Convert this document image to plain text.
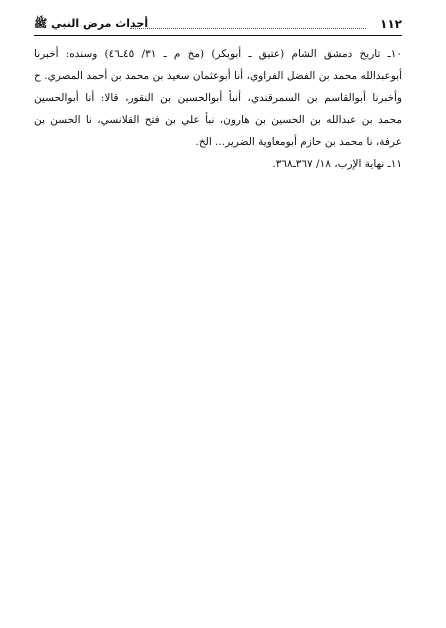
١١٢
أحداث مرض النبي ﷺ
١٠ـ تاريخ دمشق الشام (عتيق ـ أبوبكر) (مخ م ـ ٣١/ ٤٥ـ٤٦) وسنده: أخبرنا
أبوعبدالله محمد بن الفضل الفراوي، أنا أبوعثمان سعيد بن محمد بن أحمد المصري. ح
وأخبرنا أبوالقاسم بن السمرقندي، أنبأ أبوالحسين بن النقور، قالا: أنا أبوالحسين
محمد بن عبدالله بن الحسين بن هارون، نبأ علي بن فتح القلانسي، نا الحسن بن
عرفة، نا محمد بن حازم أبومعاوية الضرير... الخ.
١١ـ نهاية الإرب، ١٨/ ٣٦٧ـ٣٦٨.
